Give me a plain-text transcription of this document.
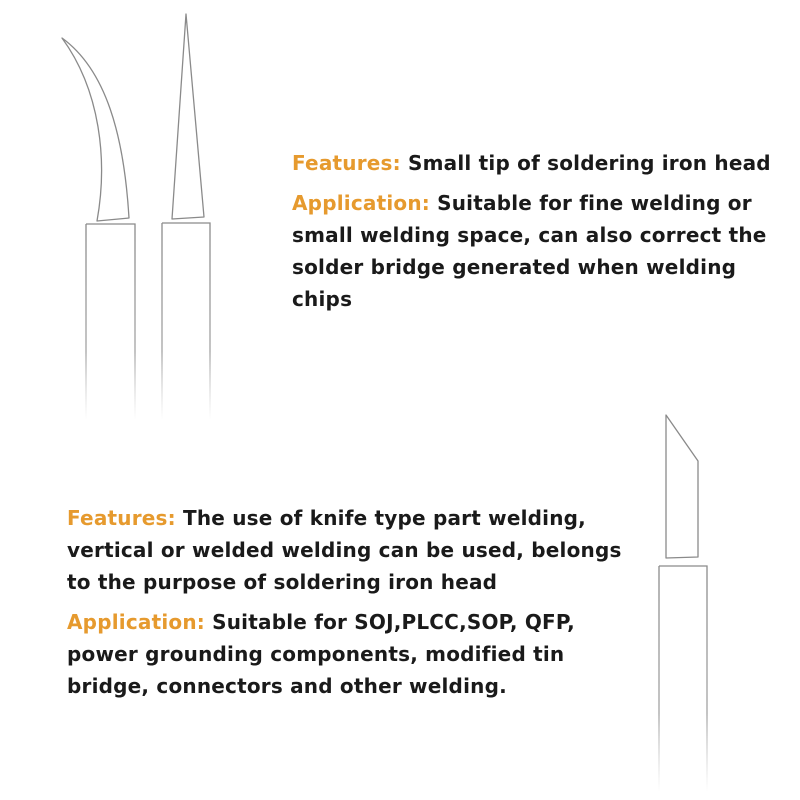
Features: Small tip of soldering iron head

Application: Suitable for fine welding or small welding space, can also correct the solder bridge generated when welding chips

Features: The use of knife type part welding, vertical or welded welding can be used, belongs to the purpose of soldering iron head

Application: Suitable for SOJ,PLCC,SOP, QFP, power grounding components, modified tin bridge, connectors and other welding.
